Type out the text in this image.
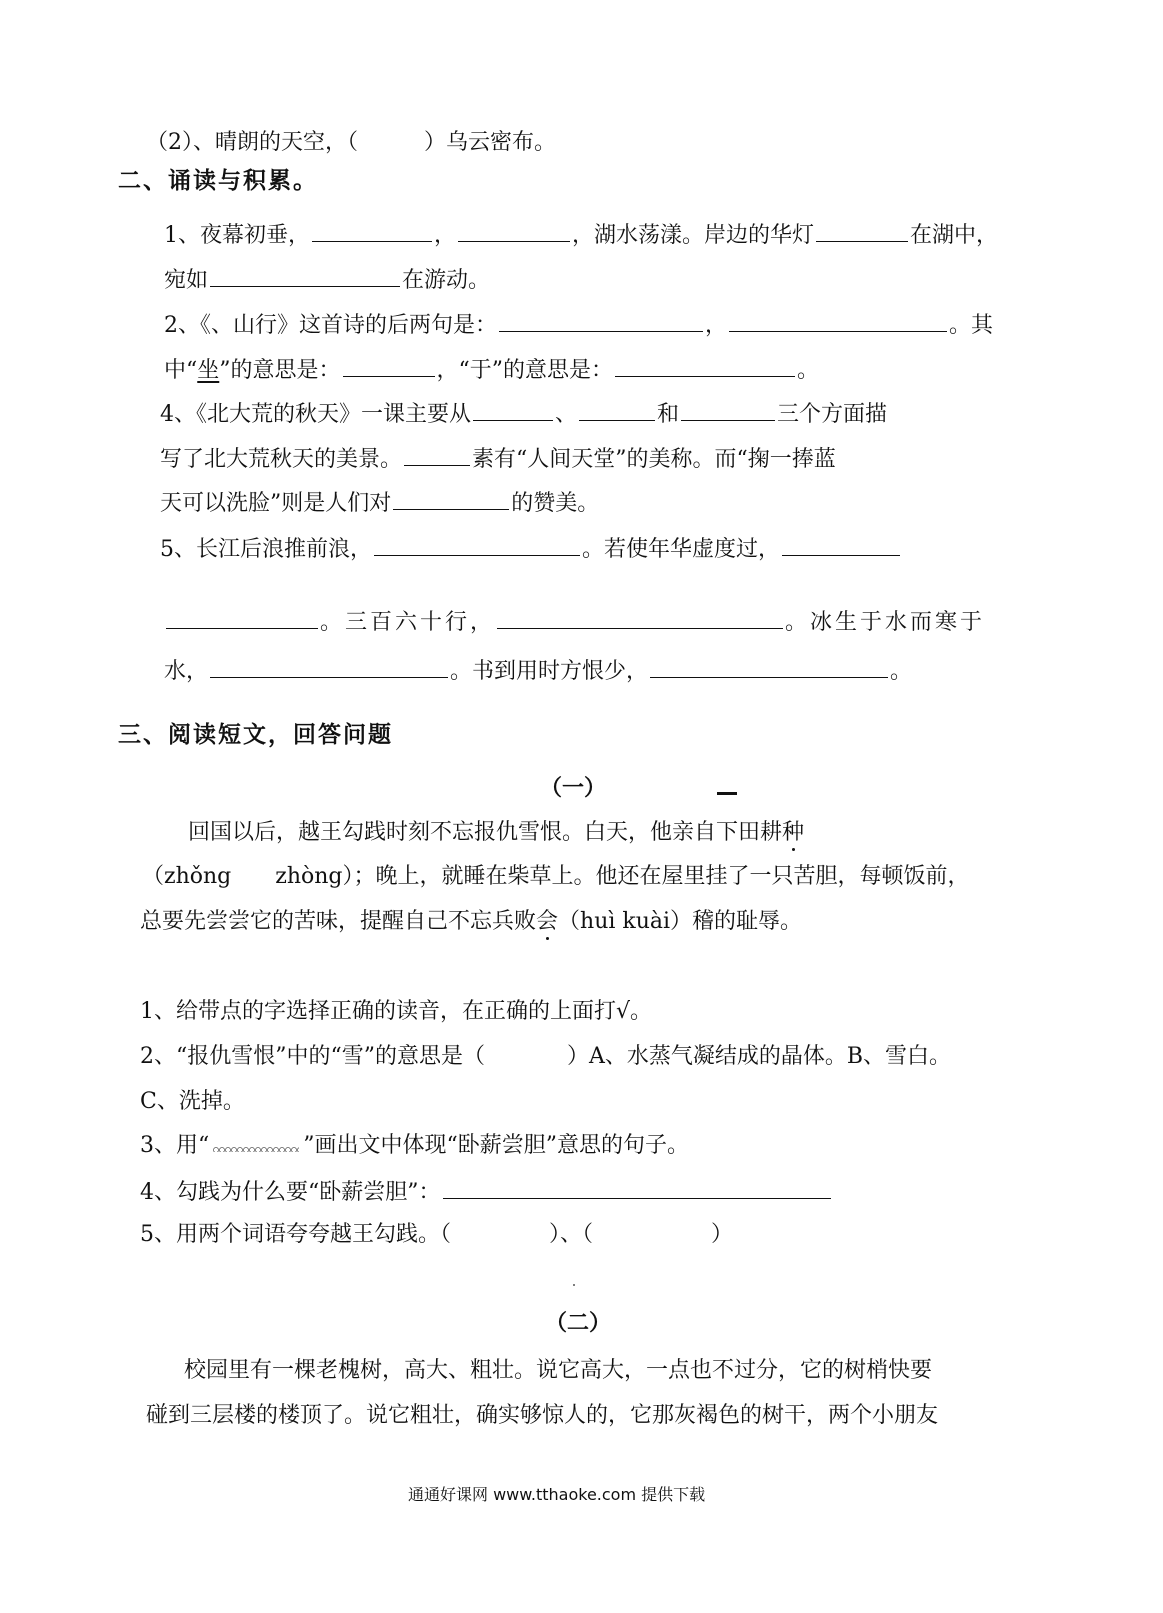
（2）、晴朗的天空，（	）乌云密布。
二、诵读与积累。
1、夜幕初垂，	，	，湖水荡漾。岸边的华灯	在湖中，
宛如	在游动。
2、《、山行》这首诗的后两句是：	，	。其
中“坐”的意思是：	，“于”的意思是：	。
4、《北大荒的秋天》一课主要从	、	和	三个方面描
写了北大荒秋天的美景。	素有“人间天堂”的美称。而“掬一捧蓝
天可以洗脸”则是人们对	的赞美。
5、长江后浪推前浪，	。若使年华虚度过，
。三百六十行，	。冰生于水而寒于
水，	。书到用时方恨少，	。
三、阅读短文，回答问题
（一）
回国以后，越王勾践时刻不忘报仇雪恨。白天，他亲自下田耕种
（zhǒng　　zhòng）；晚上，就睡在柴草上。他还在屋里挂了一只苦胆，每顿饭前，
总要先尝尝它的苦味，提醒自己不忘兵败会（huì kuài）稽的耻辱。
1、给带点的字选择正确的读音，在正确的上面打√。
2、“报仇雪恨”中的“雪”的意思是（	）A、水蒸气凝结成的晶体。B、雪白。
C、洗掉。
3、用“	”画出文中体现“卧薪尝胆”意思的句子。
4、勾践为什么要“卧薪尝胆”：
5、用两个词语夸夸越王勾践。（	）、（	）
（二）
校园里有一棵老槐树，高大、粗壮。说它高大，一点也不过分，它的树梢快要
碰到三层楼的楼顶了。说它粗壮，确实够惊人的，它那灰褐色的树干，两个小朋友
通通好课网 www.tthaoke.com 提供下载
